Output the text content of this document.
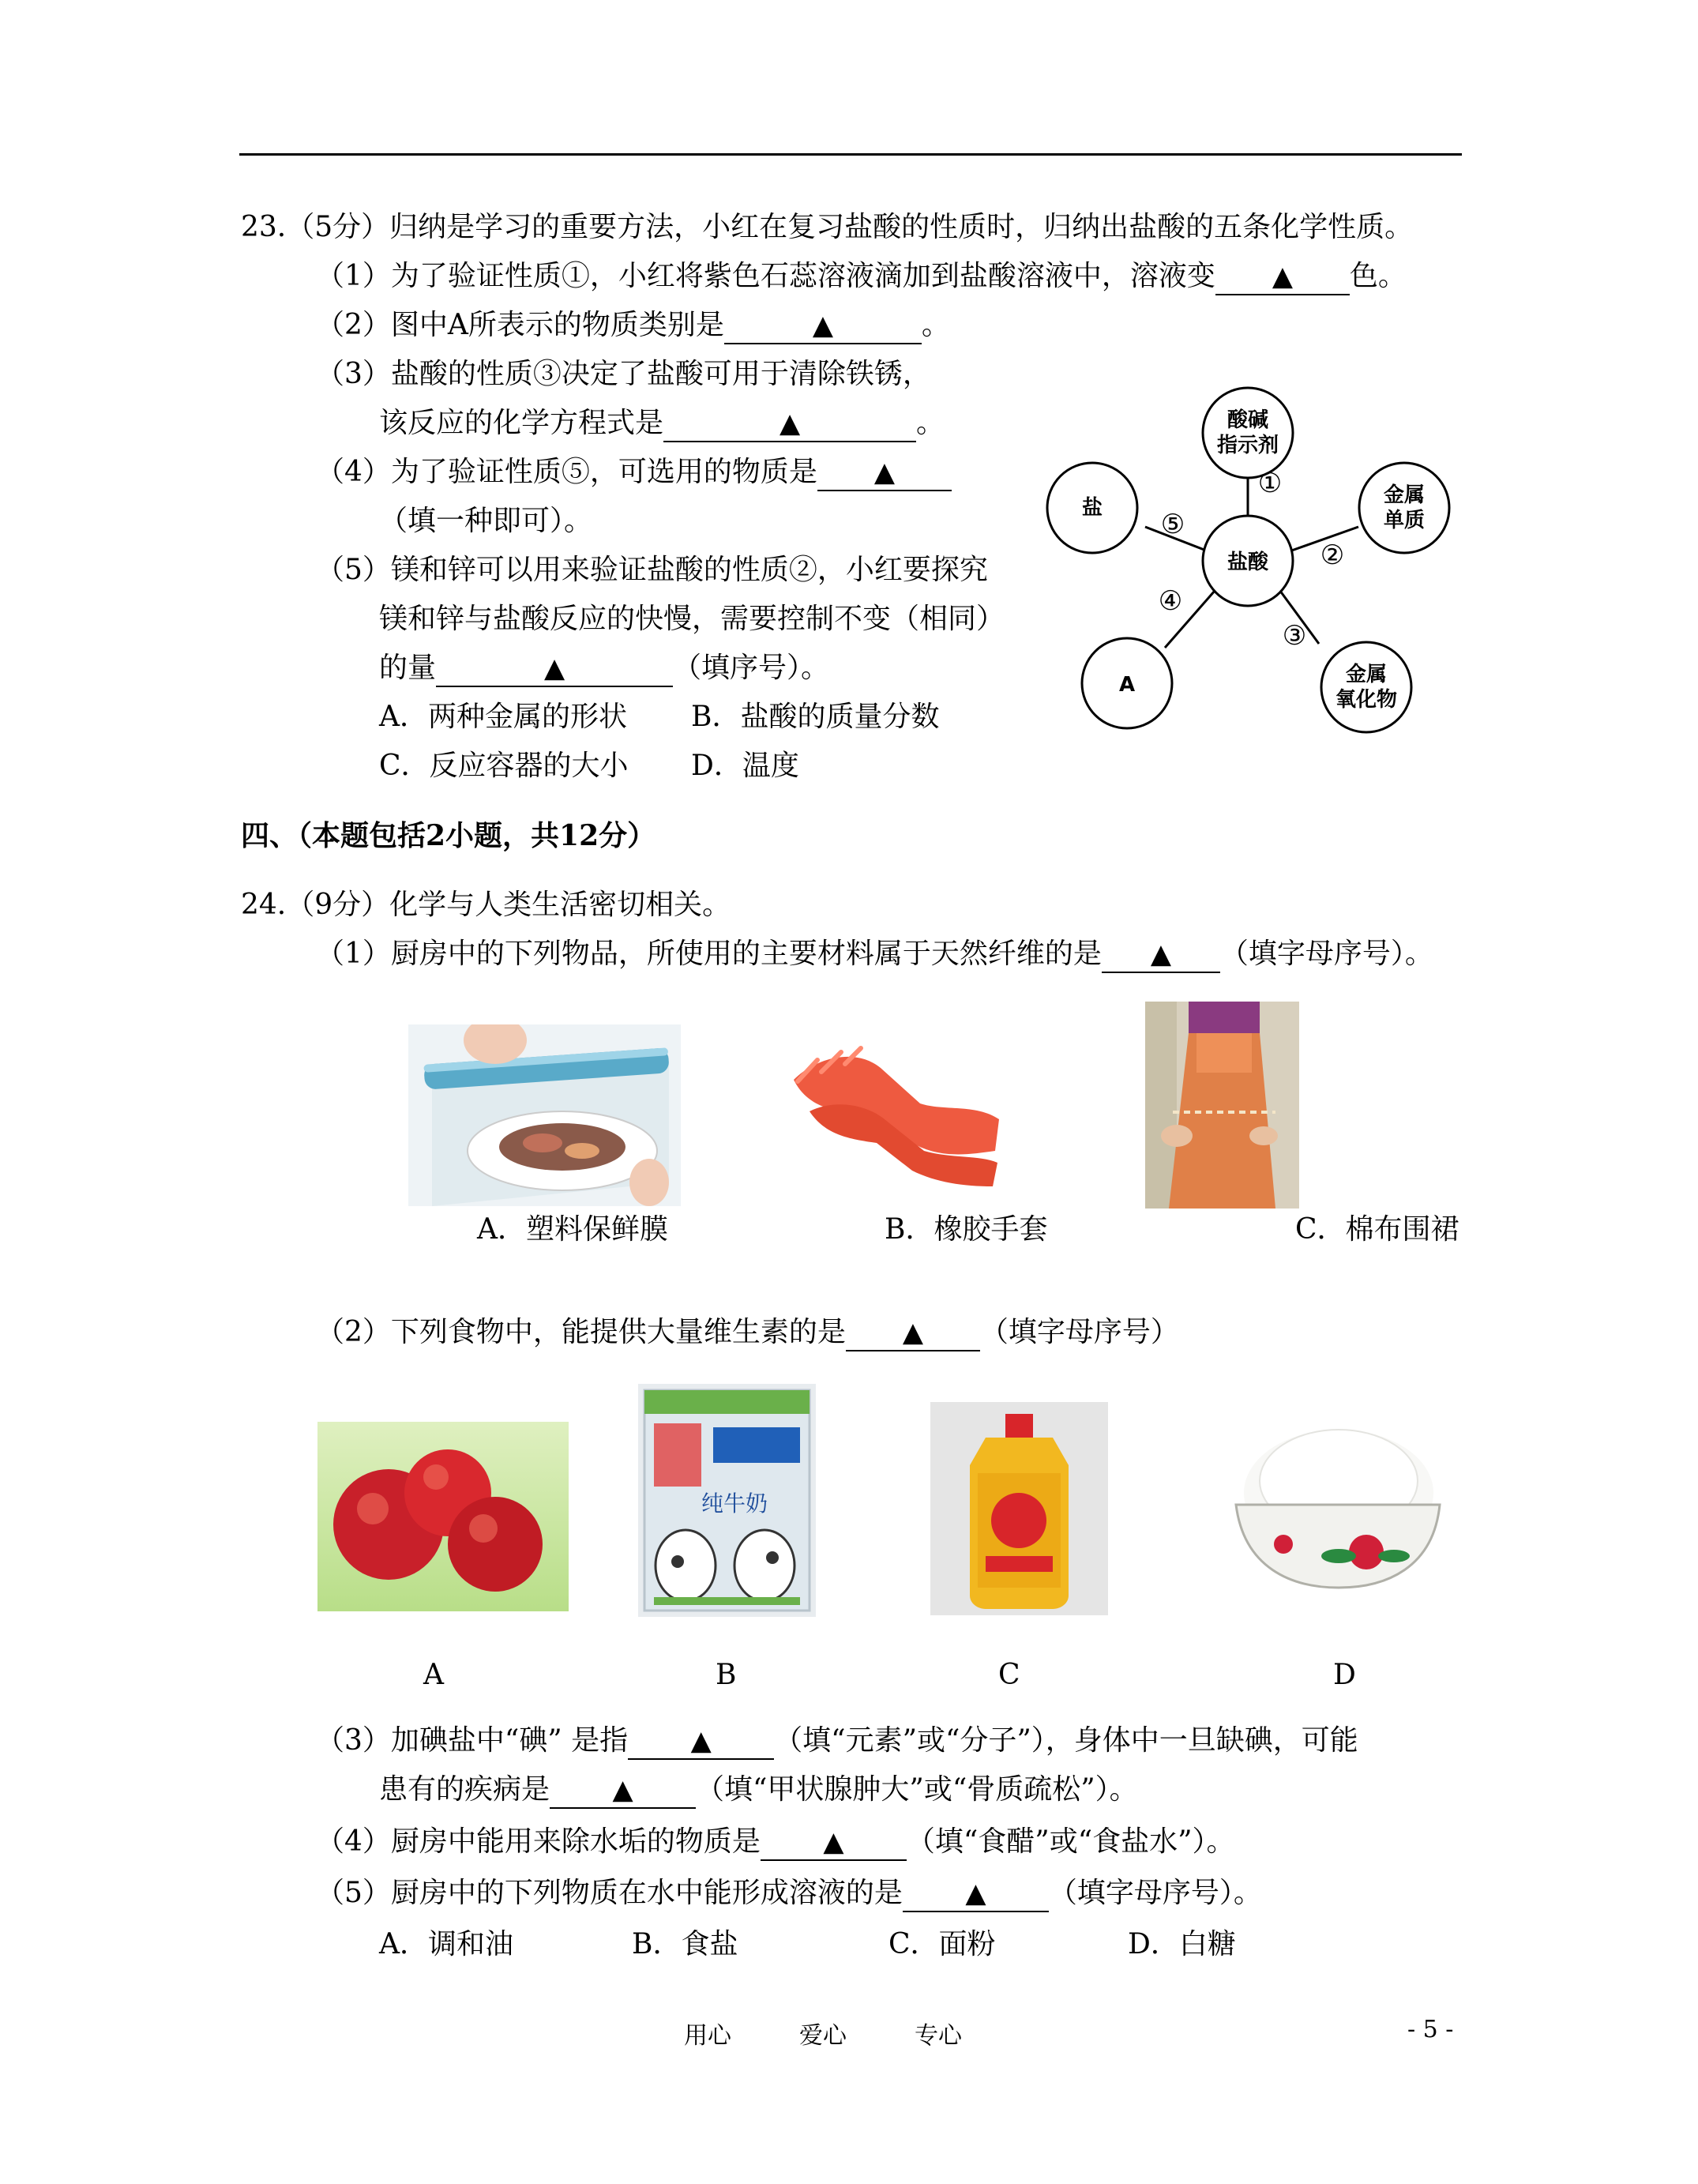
23.（5分）归纳是学习的重要方法，小红在复习盐酸的性质时，归纳出盐酸的五条化学性质。
（1）为了验证性质①，小红将紫色石蕊溶液滴加到盐酸溶液中，溶液变 ▲ 色。
（2）图中A所表示的物质类别是	▲	。
（3）盐酸的性质③决定了盐酸可用于清除铁锈，
该反应的化学方程式是	▲	。
（4）为了验证性质⑤，可选用的物质是 ▲
（填一种即可）。
（5）镁和锌可以用来验证盐酸的性质②，小红要探究
镁和锌与盐酸反应的快慢，需要控制不变（相同）
的量	▲	（填序号）。
A．两种金属的形状 B．盐酸的质量分数
C．反应容器的大小 D．温度
盐酸
酸碱
指示剂
金属
单质
金属
氧化物
A
盐
①
②
③
④
⑤
四、（本题包括2小题，共12分）
24.（9分）化学与人类生活密切相关。
（1）厨房中的下列物品，所使用的主要材料属于天然纤维的是 ▲ （填字母序号）。
A．塑料保鲜膜	B．橡胶手套	C．棉布围裙
（2）下列食物中，能提供大量维生素的是 ▲ （填字母序号）
纯牛奶
A	B	C	D
（3）加碘盐中“碘” 是指 ▲ （填“元素”或“分子”），身体中一旦缺碘，可能
患有的疾病是 ▲ （填“甲状腺肿大”或“骨质疏松”）。
（4）厨房中能用来除水垢的物质是 ▲ （填“食醋”或“食盐水”）。
（5）厨房中的下列物质在水中能形成溶液的是 ▲ （填字母序号）。
A．调和油	B．食盐	C．面粉	D．白糖
用心	爱心	专心	- 5 -
